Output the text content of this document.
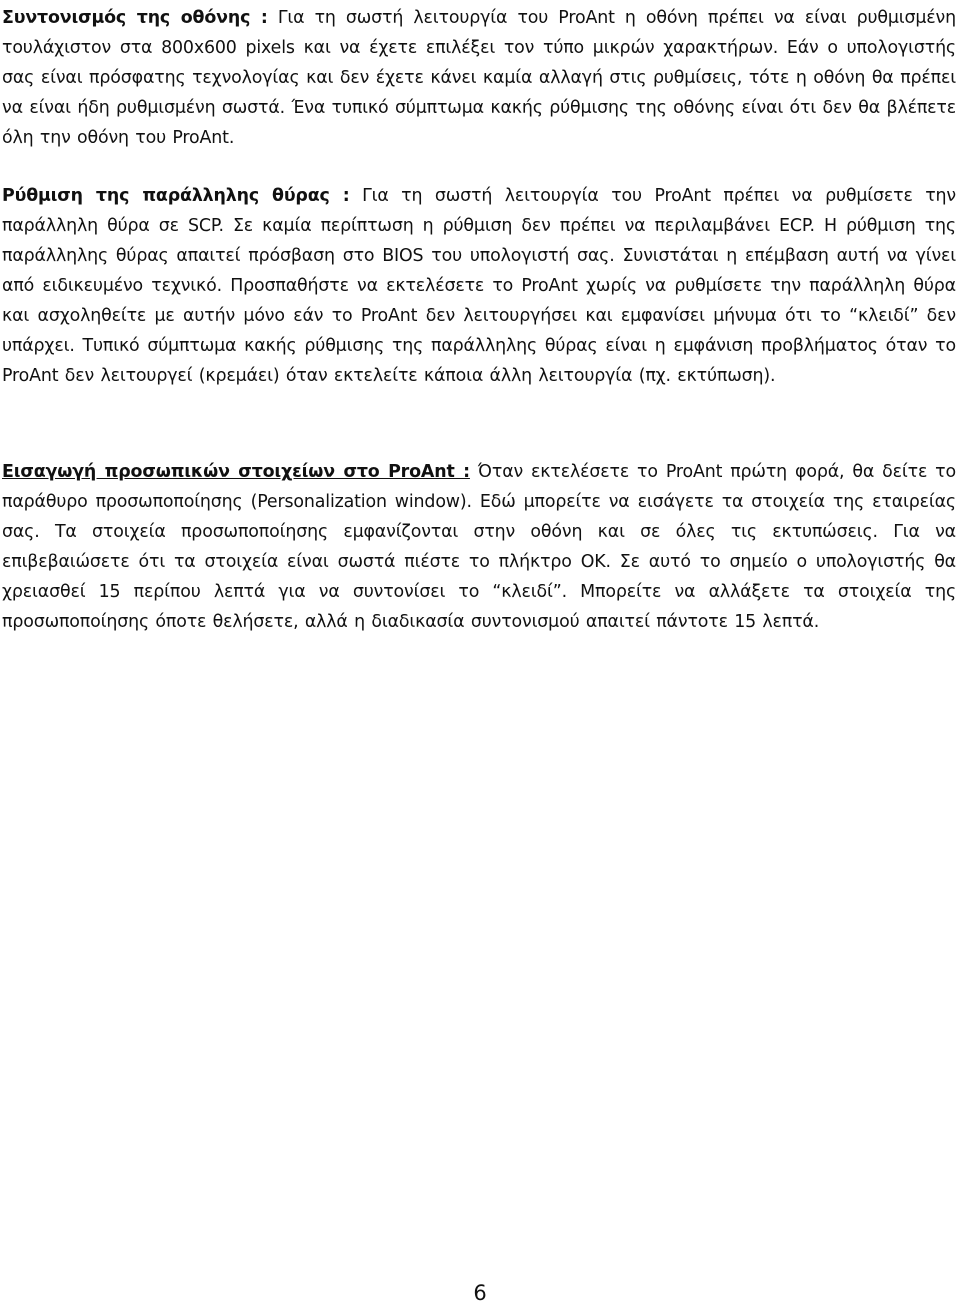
Συντονισμός της οθόνης : Για τη σωστή λειτουργία του ProAnt η οθόνη πρέπει να είναι ρυθμισμένη τουλάχιστον στα 800x600 pixels και να έχετε επιλέξει τον τύπο μικρών χαρακτήρων. Εάν ο υπολογιστής σας είναι πρόσφατης τεχνολογίας και δεν έχετε κάνει καμία αλλαγή στις ρυθμίσεις, τότε η οθόνη θα πρέπει να είναι ήδη ρυθμισμένη σωστά. Ένα τυπικό σύμπτωμα κακής ρύθμισης της οθόνης είναι ότι δεν θα βλέπετε όλη την οθόνη του ProAnt.

Ρύθμιση της παράλληλης θύρας : Για τη σωστή λειτουργία του ProAnt πρέπει να ρυθμίσετε την παράλληλη θύρα σε SCP. Σε καμία περίπτωση η ρύθμιση δεν πρέπει να περιλαμβάνει ECP. Η ρύθμιση της παράλληλης θύρας απαιτεί πρόσβαση στο BIOS του υπολογιστή σας. Συνιστάται η επέμβαση αυτή να γίνει από ειδικευμένο τεχνικό. Προσπαθήστε να εκτελέσετε το ProAnt χωρίς να ρυθμίσετε την παράλληλη θύρα και ασχοληθείτε με αυτήν μόνο εάν το ProAnt δεν λειτουργήσει και εμφανίσει μήνυμα ότι το “κλειδί” δεν υπάρχει. Τυπικό σύμπτωμα κακής ρύθμισης της παράλληλης θύρας είναι η εμφάνιση προβλήματος όταν το ProAnt δεν λειτουργεί (κρεμάει) όταν εκτελείτε κάποια άλλη λειτουργία (πχ. εκτύπωση).

Εισαγωγή προσωπικών στοιχείων στο ProAnt : Όταν εκτελέσετε το ProAnt πρώτη φορά, θα δείτε το παράθυρο προσωποποίησης (Personalization window). Εδώ μπορείτε να εισάγετε τα στοιχεία της εταιρείας σας. Τα στοιχεία προσωποποίησης εμφανίζονται στην οθόνη και σε όλες τις εκτυπώσεις. Για να επιβεβαιώσετε ότι τα στοιχεία είναι σωστά πιέστε το πλήκτρο OK. Σε αυτό το σημείο ο υπολογιστής θα χρειασθεί 15 περίπου λεπτά για να συντονίσει το “κλειδί”. Μπορείτε να αλλάξετε τα στοιχεία της προσωποποίησης όποτε θελήσετε, αλλά η διαδικασία συντονισμού απαιτεί πάντοτε 15 λεπτά.

6
